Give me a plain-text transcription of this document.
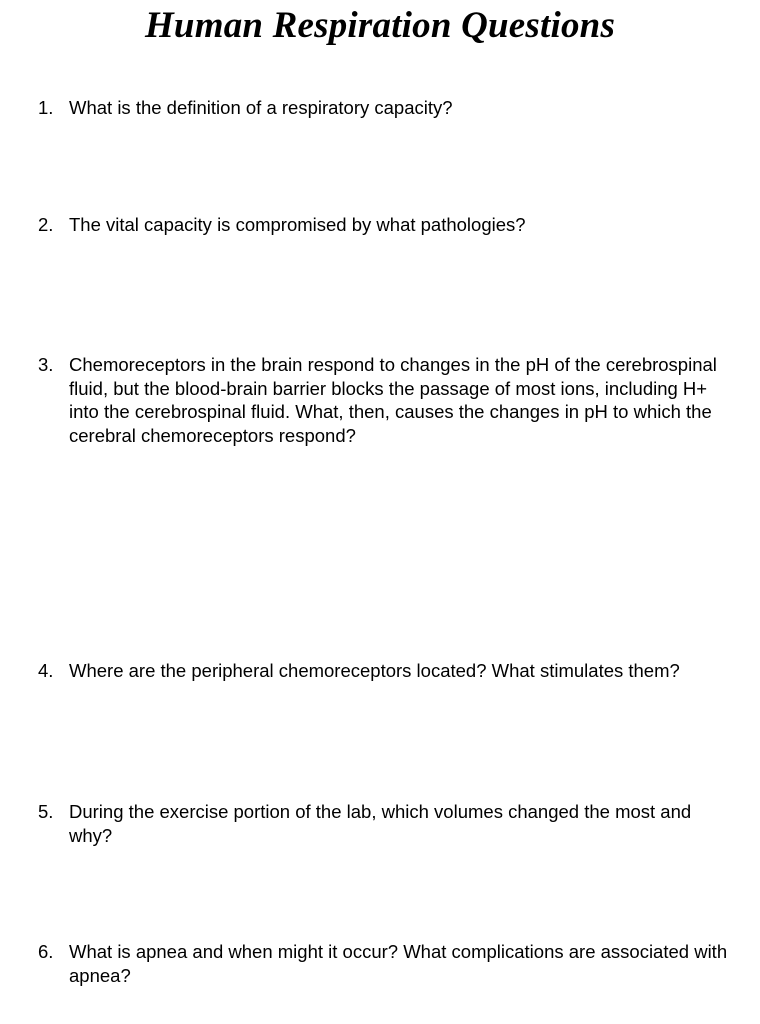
Human Respiration Questions
1. What is the definition of a respiratory capacity?
2. The vital capacity is compromised by what pathologies?
3. Chemoreceptors in the brain respond to changes in the pH of the cerebrospinal fluid, but the blood-brain barrier blocks the passage of most ions, including H+ into the cerebrospinal fluid. What, then, causes the changes in pH to which the cerebral chemoreceptors respond?
4. Where are the peripheral chemoreceptors located? What stimulates them?
5. During the exercise portion of the lab, which volumes changed the most and why?
6. What is apnea and when might it occur? What complications are associated with apnea?
